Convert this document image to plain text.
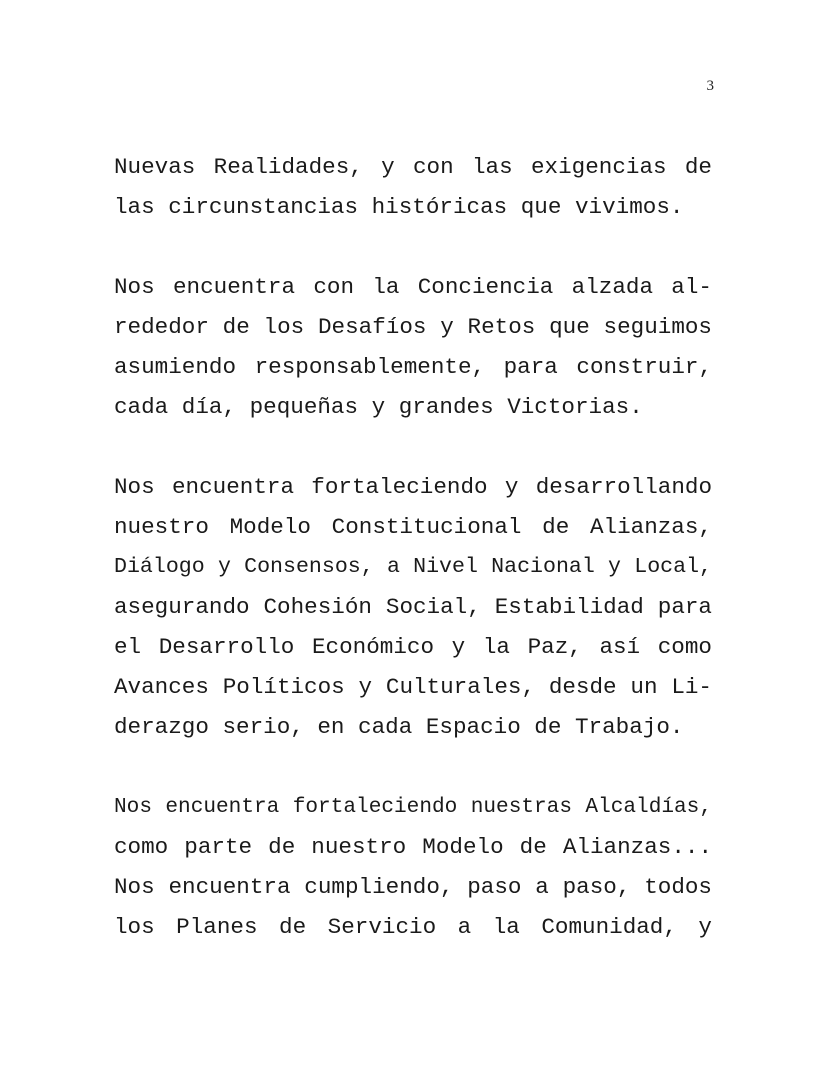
3

Nuevas Realidades, y con las exigencias de
las circunstancias históricas que vivimos.

Nos encuentra con la Conciencia alzada al-
rededor de los Desafíos y Retos que seguimos
asumiendo responsablemente, para construir,
cada día, pequeñas y grandes Victorias.

Nos encuentra fortaleciendo y desarrollando
nuestro Modelo Constitucional de Alianzas,
Diálogo y Consensos, a Nivel Nacional y Local,
asegurando Cohesión Social, Estabilidad para
el Desarrollo Económico y la Paz, así como
Avances Políticos y Culturales, desde un Li-
derazgo serio, en cada Espacio de Trabajo.

Nos encuentra fortaleciendo nuestras Alcaldías,
como parte de nuestro Modelo de Alianzas...
Nos encuentra cumpliendo, paso a paso, todos
los Planes de Servicio a la Comunidad, y
